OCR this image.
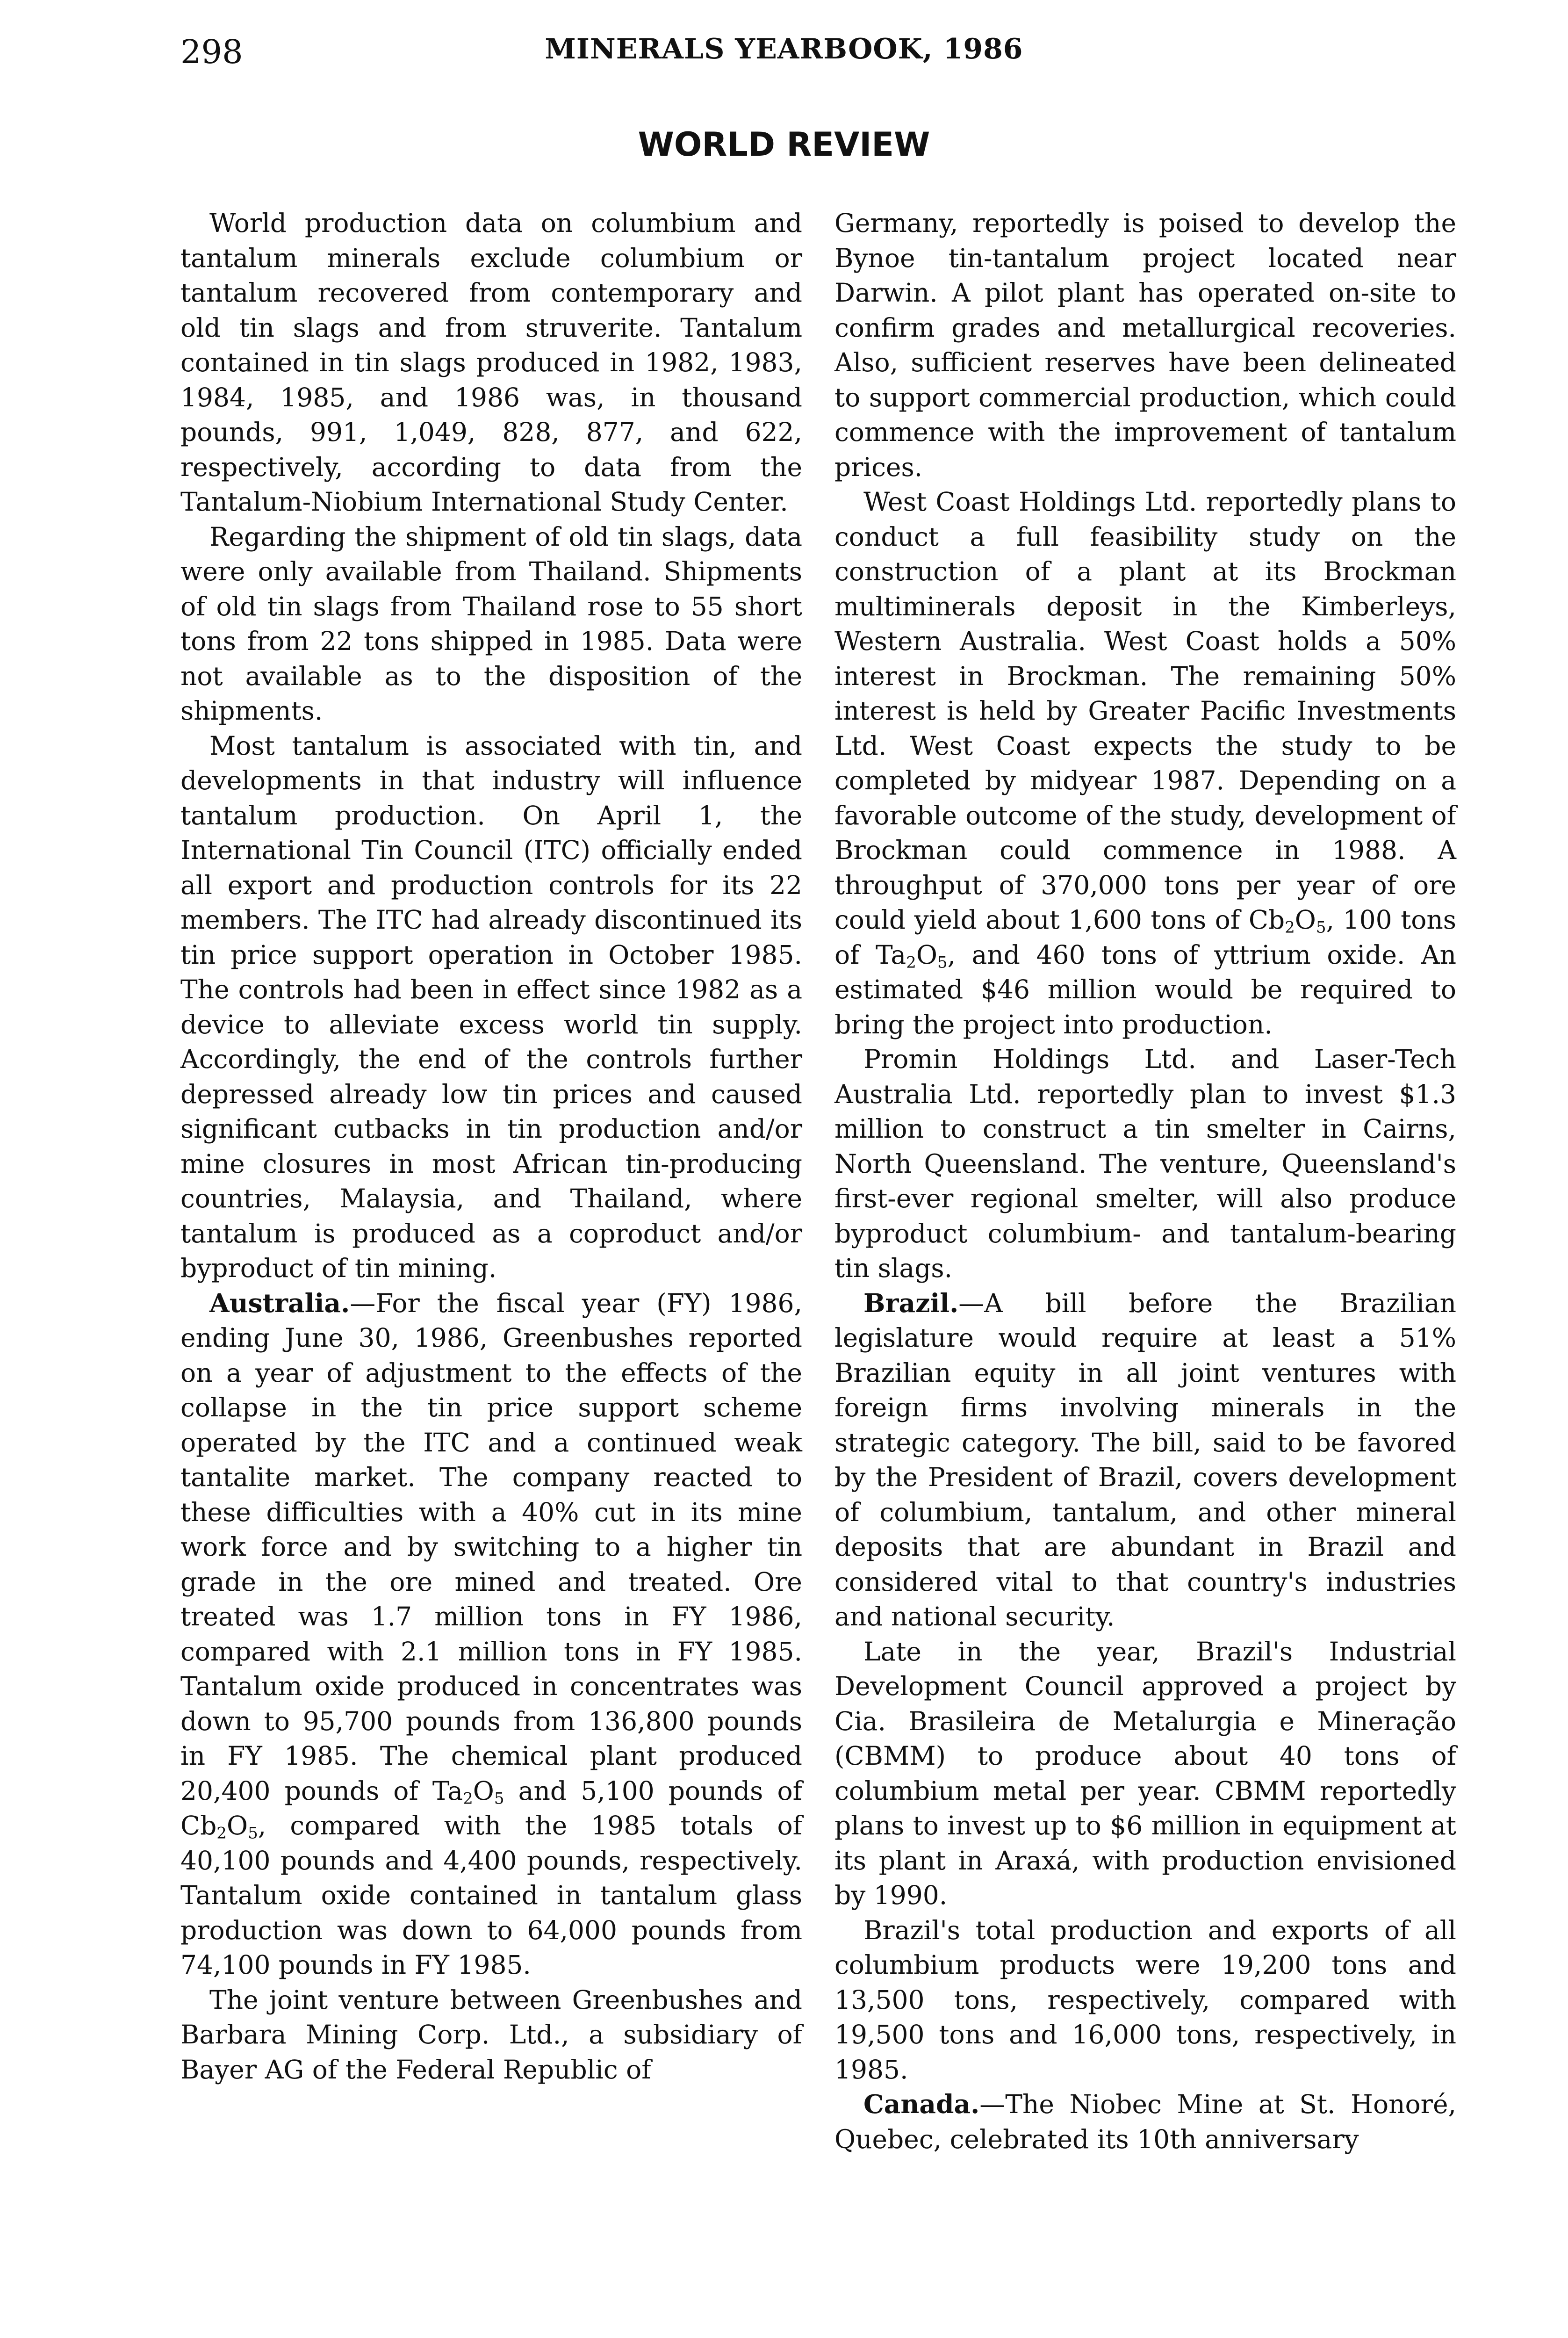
298	MINERALS YEARBOOK, 1986
WORLD REVIEW

World production data on columbium and tantalum minerals exclude columbium or tantalum recovered from contemporary and old tin slags and from struverite. Tantalum contained in tin slags produced in 1982, 1983, 1984, 1985, and 1986 was, in thousand pounds, 991, 1,049, 828, 877, and 622, respectively, according to data from the Tantalum-Niobium International Study Center.

Regarding the shipment of old tin slags, data were only available from Thailand. Shipments of old tin slags from Thailand rose to 55 short tons from 22 tons shipped in 1985. Data were not available as to the disposition of the shipments.

Most tantalum is associated with tin, and developments in that industry will influence tantalum production. On April 1, the International Tin Council (ITC) officially ended all export and production controls for its 22 members. The ITC had already discontinued its tin price support operation in October 1985. The controls had been in effect since 1982 as a device to alleviate excess world tin supply. Accordingly, the end of the controls further depressed already low tin prices and caused significant cutbacks in tin production and/or mine closures in most African tin-producing countries, Malaysia, and Thailand, where tantalum is produced as a coproduct and/or byproduct of tin mining.

Australia.—For the fiscal year (FY) 1986, ending June 30, 1986, Greenbushes reported on a year of adjustment to the effects of the collapse in the tin price support scheme operated by the ITC and a continued weak tantalite market. The company reacted to these difficulties with a 40% cut in its mine work force and by switching to a higher tin grade in the ore mined and treated. Ore treated was 1.7 million tons in FY 1986, compared with 2.1 million tons in FY 1985. Tantalum oxide produced in concentrates was down to 95,700 pounds from 136,800 pounds in FY 1985. The chemical plant produced 20,400 pounds of $Ta_2O_5$ and 5,100 pounds of $Cb_2O_5$, compared with the 1985 totals of 40,100 pounds and 4,400 pounds, respectively. Tantalum oxide contained in tantalum glass production was down to 64,000 pounds from 74,100 pounds in FY 1985.

The joint venture between Greenbushes and Barbara Mining Corp. Ltd., a subsidiary of Bayer AG of the Federal Republic of

Germany, reportedly is poised to develop the Bynoe tin-tantalum project located near Darwin. A pilot plant has operated on-site to confirm grades and metallurgical recoveries. Also, sufficient reserves have been delineated to support commercial production, which could commence with the improvement of tantalum prices.

West Coast Holdings Ltd. reportedly plans to conduct a full feasibility study on the construction of a plant at its Brockman multiminerals deposit in the Kimberleys, Western Australia. West Coast holds a 50% interest in Brockman. The remaining 50% interest is held by Greater Pacific Investments Ltd. West Coast expects the study to be completed by midyear 1987. Depending on a favorable outcome of the study, development of Brockman could commence in 1988. A throughput of 370,000 tons per year of ore could yield about 1,600 tons of $Cb_2O_5$, 100 tons of $Ta_2O_5$, and 460 tons of yttrium oxide. An estimated $46 million would be required to bring the project into production.

Promin Holdings Ltd. and Laser-Tech Australia Ltd. reportedly plan to invest $1.3 million to construct a tin smelter in Cairns, North Queensland. The venture, Queensland's first-ever regional smelter, will also produce byproduct columbium- and tantalum-bearing tin slags.

Brazil.—A bill before the Brazilian legislature would require at least a 51% Brazilian equity in all joint ventures with foreign firms involving minerals in the strategic category. The bill, said to be favored by the President of Brazil, covers development of columbium, tantalum, and other mineral deposits that are abundant in Brazil and considered vital to that country's industries and national security.

Late in the year, Brazil's Industrial Development Council approved a project by Cia. Brasileira de Metalurgia e Mineração (CBMM) to produce about 40 tons of columbium metal per year. CBMM reportedly plans to invest up to $6 million in equipment at its plant in Araxá, with production envisioned by 1990.

Brazil's total production and exports of all columbium products were 19,200 tons and 13,500 tons, respectively, compared with 19,500 tons and 16,000 tons, respectively, in 1985.

Canada.—The Niobec Mine at St. Honoré, Quebec, celebrated its 10th anniversary
